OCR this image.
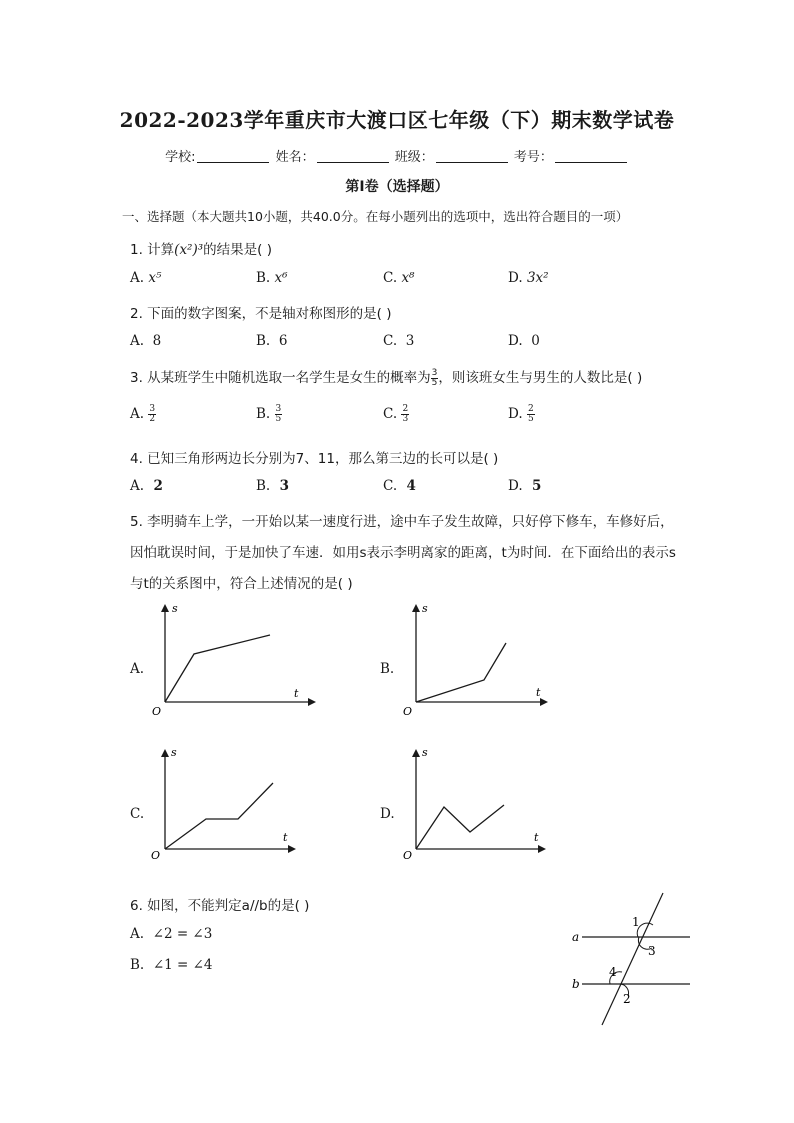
2022-2023学年重庆市大渡口区七年级（下）期末数学试卷
学校:	姓名：	班级：	考号：
第I卷（选择题）
一、选择题（本大题共10小题，共40.0分。在每小题列出的选项中，选出符合题目的一项）
1. 计算(x²)³的结果是( )
A. x⁵	B. x⁶	C. x⁸	D. 3x²
2. 下面的数字图案，不是轴对称图形的是( )
A. 8	B. 6	C. 3	D. 0
3. 从某班学生中随机选取一名学生是女生的概率为 $\frac{3}{5}$ ，则该班女生与男生的人数比是( )
A. $\frac{3}{2}$	B. $\frac{3}{5}$	C. $\frac{2}{3}$	D. $\frac{2}{5}$
4. 已知三角形两边长分别为7、11，那么第三边的长可以是( )
A. 2	B. 3	C. 4	D. 5
5. 李明骑车上学，一开始以某一速度行进，途中车子发生故障，只好停下修车，车修好后，
因怕耽误时间，于是加快了车速．如用s表示李明离家的距离，t为时间．在下面给出的表示s
与t的关系图中，符合上述情况的是( )
A.
s
t
O
B.
s
t
O
C.
s
t
O
D.
s
t
O
6. 如图，不能判定a//b的是( )
A. ∠2 = ∠3
B. ∠1 = ∠4
a
b
1
3
4
2
